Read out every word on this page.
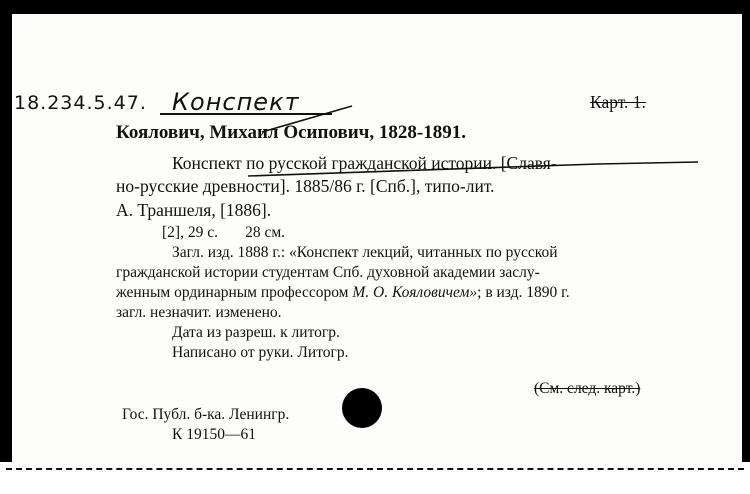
18.234.5.47. Конспект	Карт. 1.
Коялович, Михаил Осипович, 1828-1891.
Конспект по русской гражданской истории. [Славя-
но-русские древности]. 1885/86 г. [Спб.], типо-лит.
А. Траншеля, [1886].
[2], 29 с.       28 см.
Загл. изд. 1888 г.: «Конспект лекций, читанных по русской
гражданской истории студентам Спб. духовной академии заслу-
женным ординарным профессором М. О. Кояловичем»; в изд. 1890 г.
загл. незначит. изменено.
Дата из разреш. к литогр.
Написано от руки. Литогр.
(См. след. карт.)
Гос. Публ. б-ка. Ленингр.
К 19150—61
